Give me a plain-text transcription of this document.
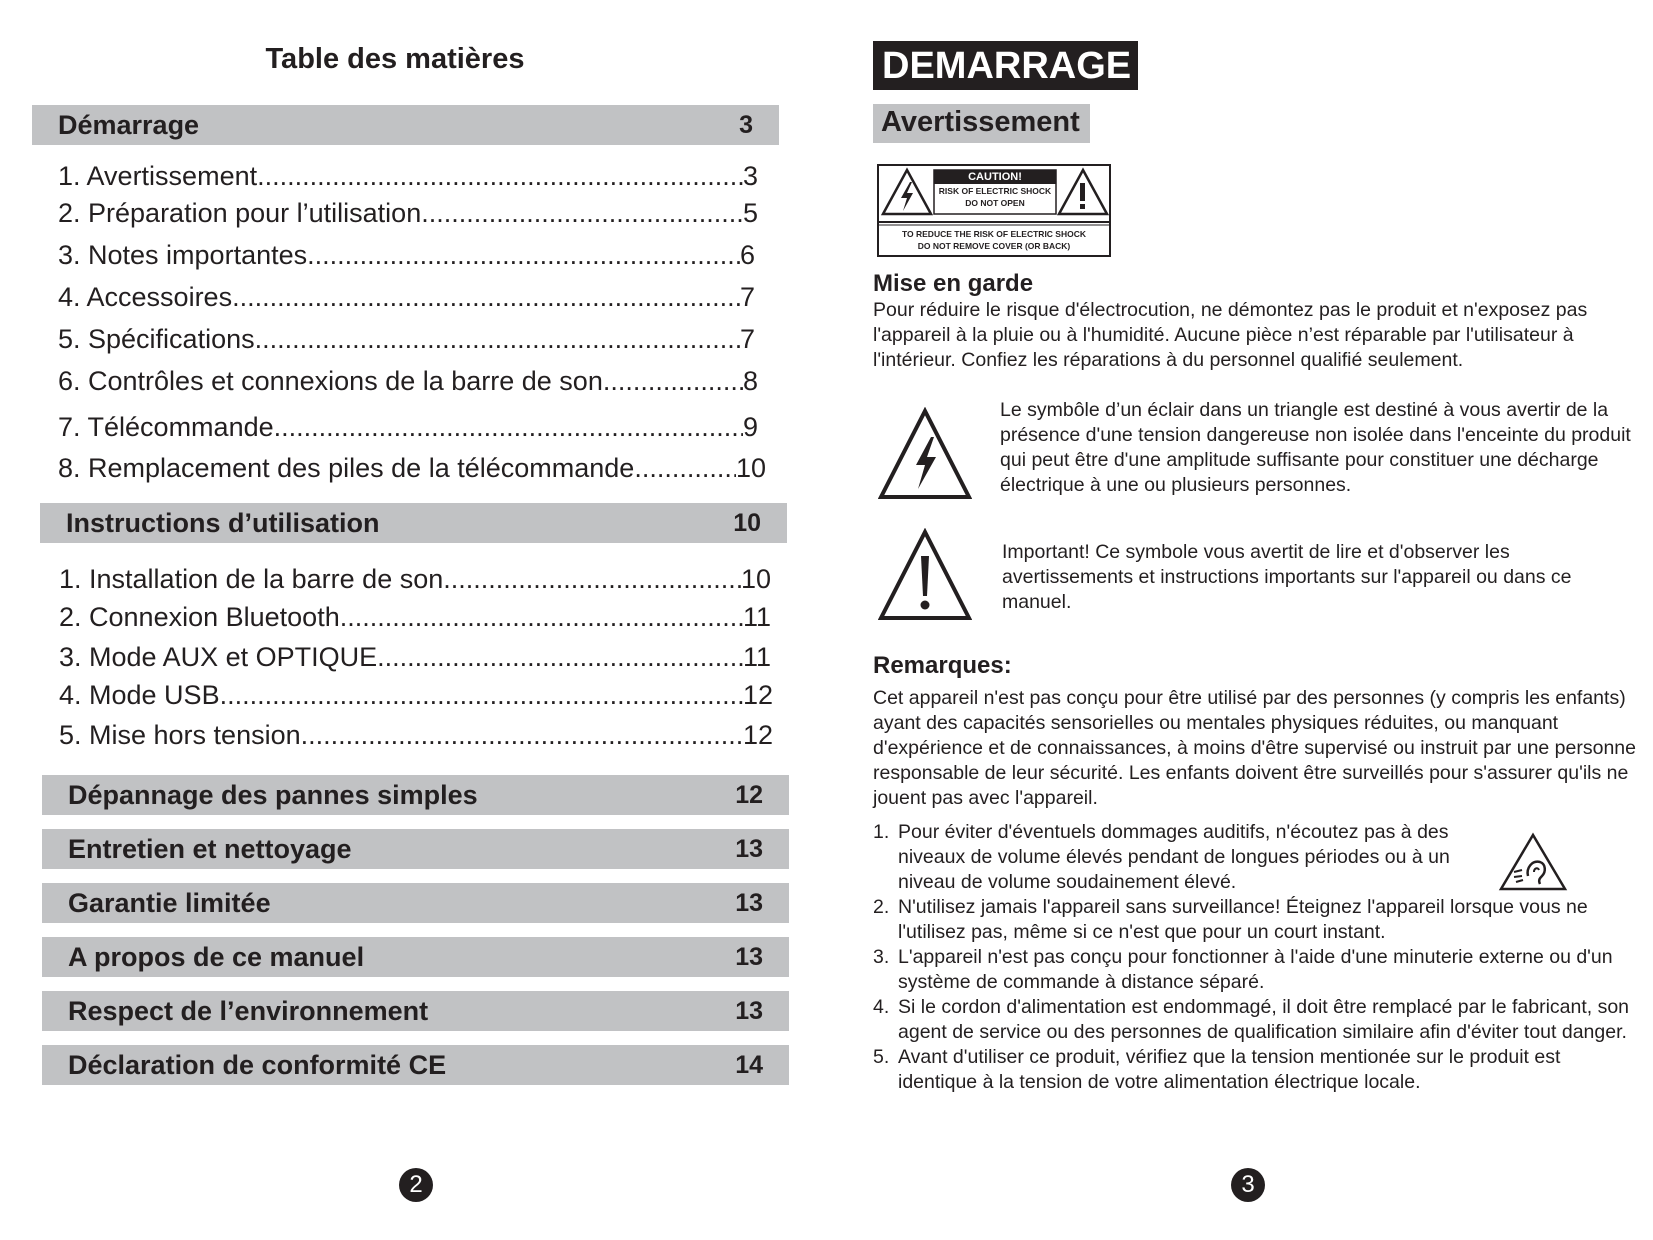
Table des matières
Démarrage	3
1. Avertissement .....	3
2. Préparation pour l’utilisation .....	5
3. Notes importantes .....	6
4. Accessoires .....	7
5. Spécifications .....	7
6. Contrôles et connexions de la barre de son .....	8
7. Télécommande .....	9
8. Remplacement des piles de la télécommande .....	10
Instructions d’utilisation	10
1. Installation de la barre de son .....	10
2. Connexion Bluetooth .....	11
3. Mode AUX et OPTIQUE .....	11
4. Mode USB .....	12
5. Mise hors tension .....	12
Dépannage des pannes simples	12
Entretien et nettoyage	13
Garantie limitée	13
A propos de ce manuel	13
Respect de l’environnement	13
Déclaration de conformité CE	14
2
DEMARRAGE
Avertissement
CAUTION!
RISK OF ELECTRIC SHOCK
DO NOT OPEN
TO REDUCE THE RISK OF ELECTRIC SHOCK
DO NOT REMOVE COVER (OR BACK)
Mise en garde
Pour réduire le risque d'électrocution, ne démontez pas le produit et n'exposez pas l'appareil à la pluie ou à l'humidité. Aucune pièce n’est réparable par l'utilisateur à l'intérieur. Confiez les réparations à du personnel qualifié seulement.
Le symbôle d’un éclair dans un triangle est destiné à vous avertir de la présence d'une tension dangereuse non isolée dans l'enceinte du produit qui peut être d'une amplitude suffisante pour constituer une décharge électrique à une ou plusieurs personnes.
Important! Ce symbole vous avertit de lire et d'observer les avertissements et instructions importants sur l'appareil ou dans ce manuel.
Remarques:
Cet appareil n'est pas conçu pour être utilisé par des personnes (y compris les enfants) ayant des capacités sensorielles ou mentales physiques réduites, ou manquant d'expérience et de connaissances, à moins d'être supervisé ou instruit par une personne responsable de leur sécurité. Les enfants doivent être surveillés pour s'assurer qu'ils ne jouent pas avec l'appareil.
1. Pour éviter d'éventuels dommages auditifs, n'écoutez pas à des niveaux de volume élevés pendant de longues périodes ou à un niveau de volume soudainement élevé.
2. N'utilisez jamais l'appareil sans surveillance! Éteignez l'appareil lorsque vous ne l'utilisez pas, même si ce n'est que pour un court instant.
3. L'appareil n'est pas conçu pour fonctionner à l'aide d'une minuterie externe ou d'un système de commande à distance séparé.
4. Si le cordon d'alimentation est endommagé, il doit être remplacé par le fabricant, son agent de service ou des personnes de qualification similaire afin d'éviter tout danger.
5. Avant d'utiliser ce produit, vérifiez que la tension mentionée sur le produit est identique à la tension de votre alimentation électrique locale.
3
